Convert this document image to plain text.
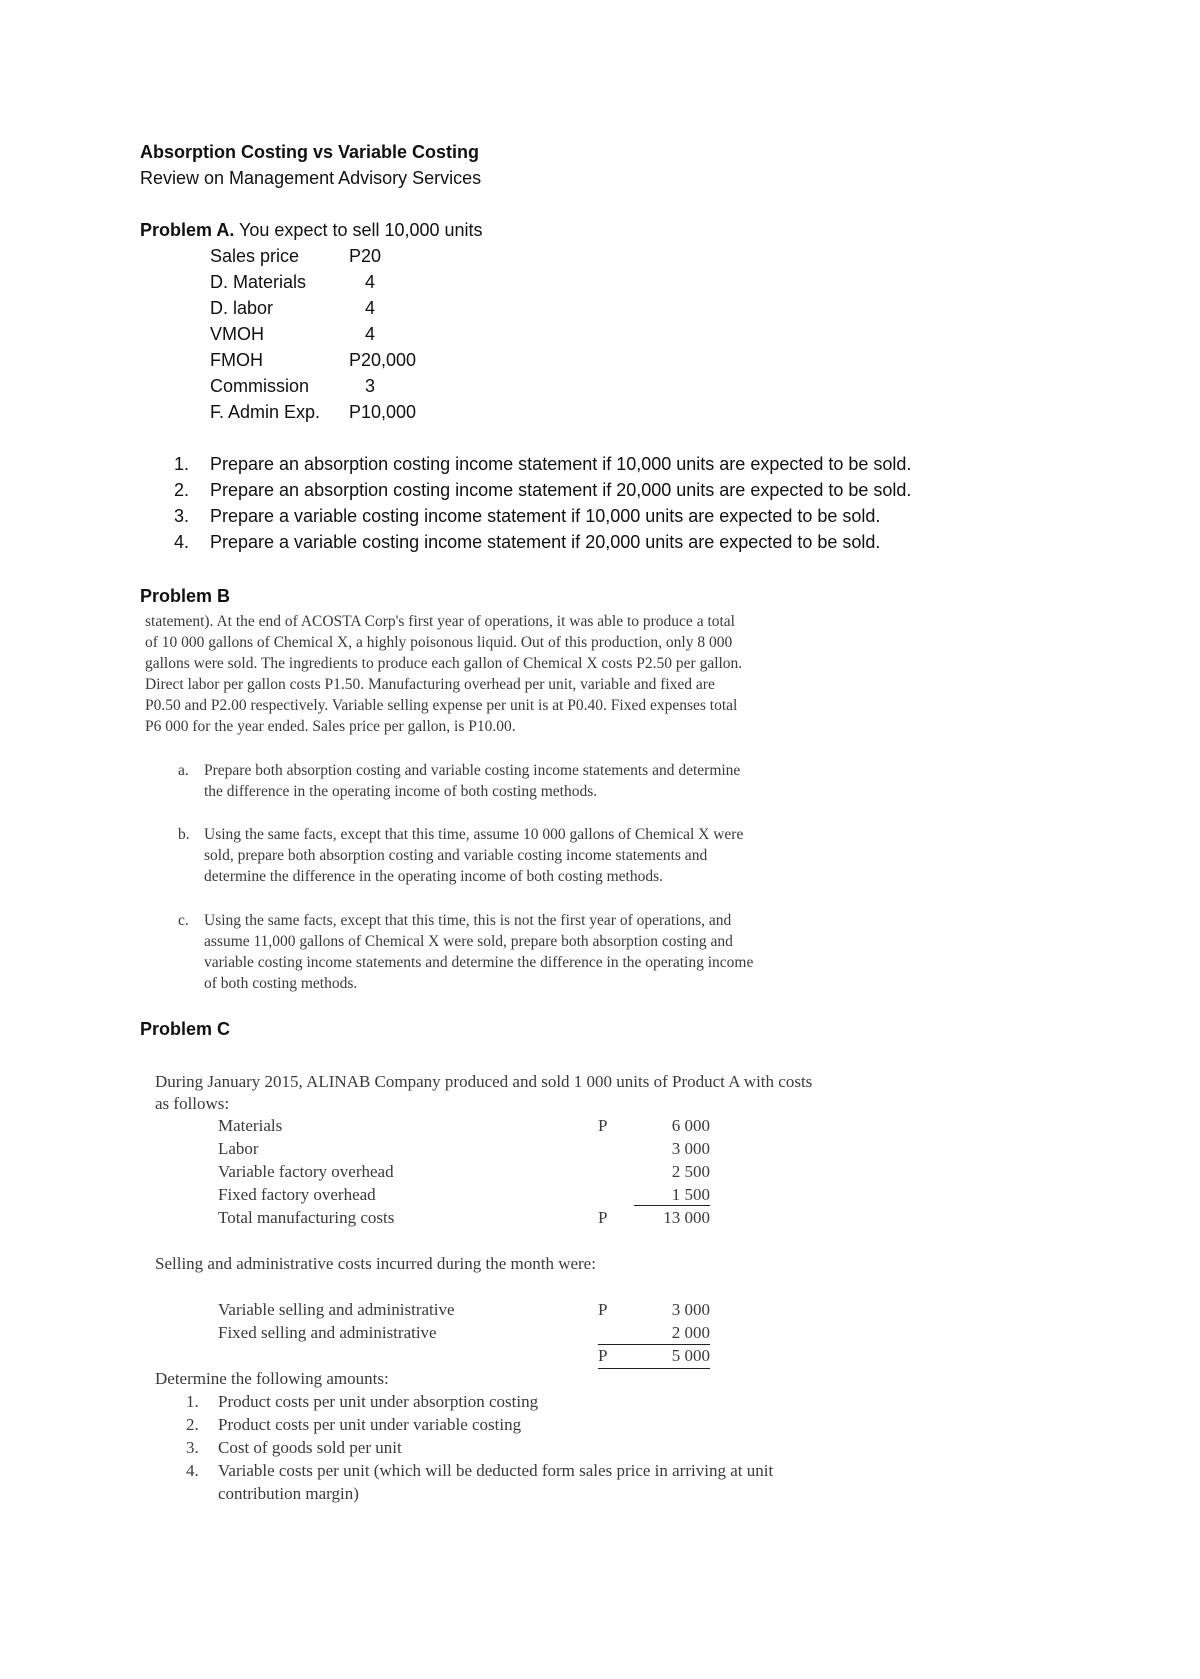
Absorption Costing vs Variable Costing
Review on Management Advisory Services
Problem A. You expect to sell 10,000 units
Sales price	P20
D. Materials	4
D. labor	4
VMOH	4
FMOH	P20,000
Commission	3
F. Admin Exp. P10,000
1. Prepare an absorption costing income statement if 10,000 units are expected to be sold.
2. Prepare an absorption costing income statement if 20,000 units are expected to be sold.
3. Prepare a variable costing income statement if 10,000 units are expected to be sold.
4. Prepare a variable costing income statement if 20,000 units are expected to be sold.
Problem B
statement). At the end of ACOSTA Corp's first year of operations, it was able to produce a total
of 10 000 gallons of Chemical X, a highly poisonous liquid. Out of this production, only 8 000
gallons were sold. The ingredients to produce each gallon of Chemical X costs P2.50 per gallon.
Direct labor per gallon costs P1.50. Manufacturing overhead per unit, variable and fixed are
P0.50 and P2.00 respectively. Variable selling expense per unit is at P0.40. Fixed expenses total
P6 000 for the year ended. Sales price per gallon, is P10.00.
a. Prepare both absorption costing and variable costing income statements and determine
the difference in the operating income of both costing methods.
b. Using the same facts, except that this time, assume 10 000 gallons of Chemical X were
sold, prepare both absorption costing and variable costing income statements and
determine the difference in the operating income of both costing methods.
c. Using the same facts, except that this time, this is not the first year of operations, and
assume 11,000 gallons of Chemical X were sold, prepare both absorption costing and
variable costing income statements and determine the difference in the operating income
of both costing methods.
Problem C
During January 2015, ALINAB Company produced and sold 1 000 units of Product A with costs
as follows:
Materials	P	6 000
Labor	3 000
Variable factory overhead	2 500
Fixed factory overhead	1 500
Total manufacturing costs	P	13 000
Selling and administrative costs incurred during the month were:
Variable selling and administrative	P	3 000
Fixed selling and administrative	2 000
P	5 000
Determine the following amounts:
1. Product costs per unit under absorption costing
2. Product costs per unit under variable costing
3. Cost of goods sold per unit
4. Variable costs per unit (which will be deducted form sales price in arriving at unit
contribution margin)
